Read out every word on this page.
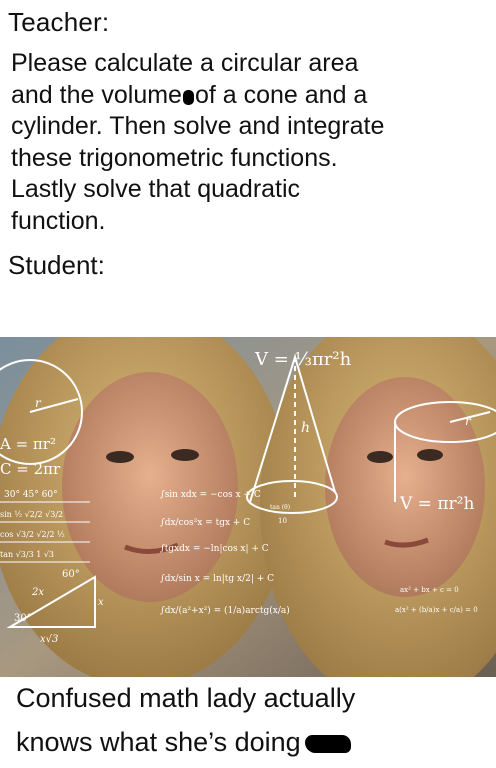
Teacher:
Please calculate a circular area
and the volume of a cone and a
cylinder. Then solve and integrate
these trigonometric functions.
Lastly solve that quadratic
function.
Student:
r
A = πr²
C = 2πr
V = ⅓πr²h
V = πr²h
h	r
30° 45° 60°
sin ½ √2/2 √3/2
cos √3/2 √2/2 ½
tan √3/3 1 √3
∫sin xdx = −cos x + C
∫dx/cos²x = tgx + C
∫tgxdx = −ln|cos x| + C
∫dx/sin x = ln|tg x/2| + C
∫dx/(a²+x²) = (1/a)arctg(x/a)
60°
30°
2x
x
x√3
ax² + bx + c = 0
a(x² + (b/a)x + c/a) = 0
tan (θ)
10
Confused math lady actually
knows what she’s doing
